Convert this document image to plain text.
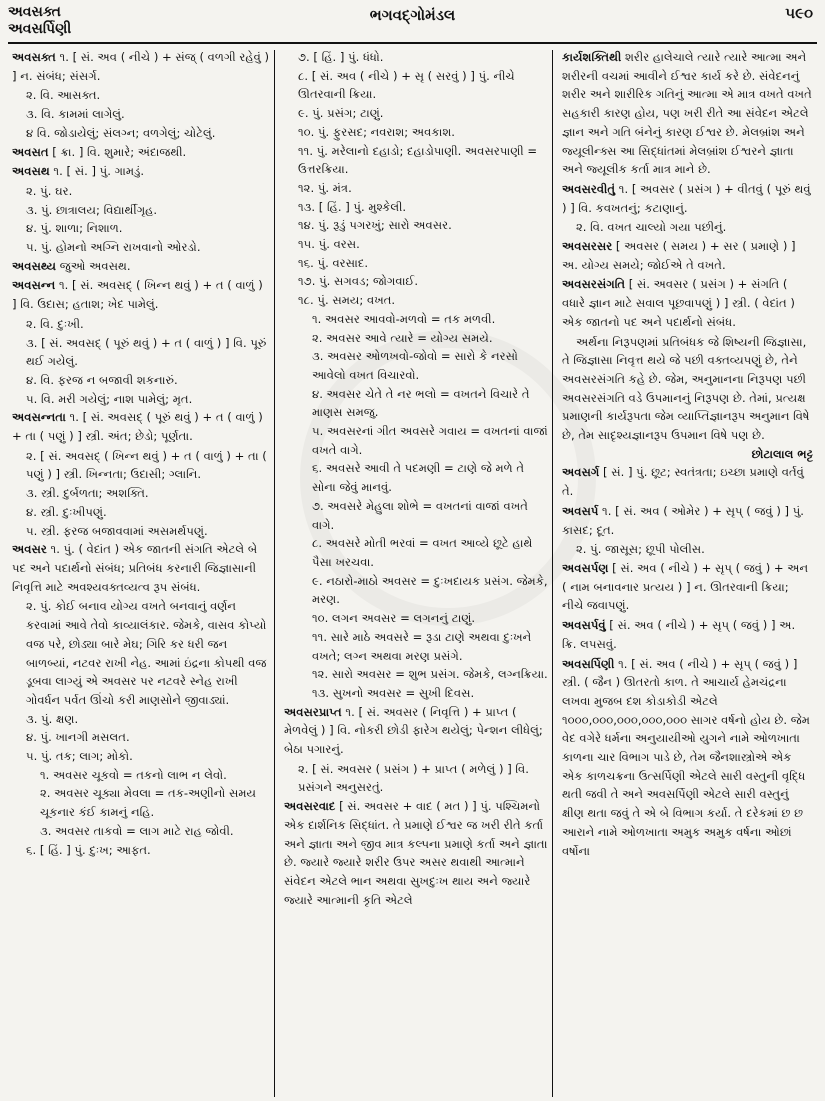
અવસક્ત
અવસર્પિણી
ભગવદ્ગોમંડલ	૫૯૦
અવસક્ત ૧. [ સં. અવ ( નીચે ) + સંજ્ ( વળગી રહેવું ) ] ન. સંબંધ; સંસર્ગ.
૨. વિ. આસક્ત.
૩. વિ. કામમાં લાગેલું.
૪ વિ. જોડાયેલું; સંલગ્ન; વળગેલું; ચોટેલું.
અવસત [ ક્રા. ] વિ. શુમારે; અંદાજથી.
અવસથ ૧. [ સં. ] પું. ગામડું.
૨. પું. ઘર.
૩. પું. છાત્રાલય; વિદ્યાર્થીગૃહ.
૪. પું. શાળા; નિશાળ.
૫. પું. હોમનો અગ્નિ રાખવાનો ઓરડો.
અવસથ્ય જુઓ અવસથ.
અવસન્ન ૧. [ સં. અવસદ્ ( ખિન્ન થવું ) + ત ( વાળું ) ] વિ. ઉદાસ; હતાશ; ખેદ પામેલું.
૨. વિ. દુઃખી.
૩. [ સં. અવસદ્ ( પૂરું થવું ) + ત ( વાળું ) ] વિ. પૂરું થઈ ગયેલું.
૪. વિ. ફરજ ન બજાવી શકનારું.
૫. વિ. મરી ગયેલું; નાશ પામેલું; મૃત.
અવસન્નતા ૧. [ સં. અવસદ્ ( પૂરું થવું ) + ત ( વાળું ) + તા ( પણું ) ] સ્ત્રી. અંત; છેડો; પૂર્ણતા.
૨. [ સં. અવસદ્ ( ખિન્ન થવું ) + ત ( વાળું ) + તા ( પણું ) ] સ્ત્રી. ખિન્નતા; ઉદાસી; ગ્લાનિ.
૩. સ્ત્રી. દુર્બળતા; અશક્તિ.
૪. સ્ત્રી. દુઃખીપણું.
૫. સ્ત્રી. ફરજ બજાવવામાં અસમર્થપણું.
અવસર ૧. પું. ( વેદાંત ) એક જાતની સંગતિ એટલે બે પદ અને પદાર્થનો સંબંધ; પ્રતિબંધ કરનારી જિજ્ઞાસાની નિવૃત્તિ માટે અવશ્યવક્તવ્યત્વ રૂપ સંબંધ.
૨. પું. કોઈ બનાવ યોગ્ય વખતે બનવાનું વર્ણન કરવામાં આવે તેવો કાવ્યાલંકાર. જેમકે, વાસવ કોપ્યો વજ પરે, છોડ્યા બારે મેઘ; ગિરિ કર ધરી જન બાળબ્યાં, નટવર રાખી નેહ. આમાં ઇંદ્રના કોપથી વજ ડૂબવા લાગ્યું એ અવસર પર નટવરે સ્નેહ રાખી ગોવર્ધન પર્વત ઊંચો કરી માણસોને જીવાડ્યાં.
૩. પું. ક્ષણ.
૪. પું. ખાનગી મસલત.
૫. પું. તક; લાગ; મોકો.
૧. અવસર ચૂકવો = તકનો લાભ ન લેવો.
૨. અવસર ચૂક્યા મેવલા = તક-અણીનો સમય ચૂકનાર કંઈ કામનું નહિ.
૩. અવસર તાકવો = લાગ માટે રાહ જોવી.
૬. [ હિં. ] પું. દુઃખ; આફત.
૭. [ હિં. ] પું. ધંધો.
૮. [ સં. અવ ( નીચે ) + સૃ ( સરવું ) ] પું. નીચે ઊતરવાની ક્રિયા.
૯. પું. પ્રસંગ; ટાણું.
૧૦. પું. ફુરસદ; નવરાશ; અવકાશ.
૧૧. પું. મરેલાનો દહાડો; દહાડોપાણી. અવસરપાણી = ઉત્તરક્રિયા.
૧૨. પું. મંત્ર.
૧૩. [ હિં. ] પું. મુશ્કેલી.
૧૪. પું. રૂડું પગરખું; સારો અવસર.
૧૫. પું. વરસ.
૧૬. પું. વરસાદ.
૧૭. પું. સગવડ; જોગવાઈ.
૧૮. પું. સમય; વખત.
૧. અવસર આવવો-મળવો = તક મળવી.
૨. અવસર આવે ત્યારે = યોગ્ય સમયે.
૩. અવસર ઓળખવો-જોવો = સારો કે નરસો આવેલો વખત વિચારવો.
૪. અવસર ચેતે તે નર ભલો = વખતને વિચારે તે માણસ સમજુ.
૫. અવસરનાં ગીત અવસરે ગવાય = વખતનાં વાજાં વખતે વાગે.
૬. અવસરે આવી તે પદમણી = ટાણે જે મળે તે સોના જેવું માનવું.
૭. અવસરે મેહુલા શોભે = વખતનાં વાજાં વખતે વાગે.
૮. અવસરે મોતી ભરવાં = વખત આવ્યે છૂટે હાથે પૈસા ખરચવા.
૯. નઠારો-માઠો અવસર = દુઃખદાયક પ્રસંગ. જેમકે, મરણ.
૧૦. લગન અવસર = લગનનું ટાણું.
૧૧. સારે માઠે અવસરે = રૂડા ટાણે અથવા દુઃખને વખતે; લગ્ન અથવા મરણ પ્રસંગે.
૧૨. સારો અવસર = શુભ પ્રસંગ. જેમકે, લગ્નક્રિયા.
૧૩. સુખનો અવસર = સુખી દિવસ.
અવસરપ્રાપ્ત ૧. [ સં. અવસર ( નિવૃત્તિ ) + પ્રાપ્ત ( મેળવેલું ) ] વિ. નોકરી છોડી ફારેગ થયેલું; પેન્શન લીધેલું; બેઠા પગારનું.
૨. [ સં. અવસર ( પ્રસંગ ) + પ્રાપ્ત ( મળેલું ) ] વિ. પ્રસંગને અનુસરતું.
અવસરવાદ [ સં. અવસર + વાદ ( મત ) ] પું. પશ્ચિમનો એક દાર્શનિક સિદ્ધાંત. તે પ્રમાણે ઈશ્વર જ ખરી રીતે કર્તા અને જ્ઞાતા અને જીવ માત્ર કલ્પના પ્રમાણે કર્તા અને જ્ઞાતા છે. જ્યારે જ્યારે શરીર ઉપર અસર થવાથી આત્માને સંવેદન એટલે ભાન અથવા સુખદુઃખ થાય અને જ્યારે જ્યારે આત્માની કૃતિ એટલે
કાર્યશક્તિથી શરીર હાલેચાલે ત્યારે ત્યારે આત્મા અને શરીરની વચમાં આવીને ઈશ્વર કાર્ય કરે છે. સંવેદનનું શરીર અને શારીરિક ગતિનું આત્મા એ માત્ર વખતે વખતે સહકારી કારણ હોય, પણ ખરી રીતે આ સંવેદન એટલે જ્ઞાન અને ગતિ બંનેનું કારણ ઈશ્વર છે. મેલબ્રાંશ અને જ્યૂલીન્ક્સ આ સિદ્ધાંતમાં મેલબ્રાંશ ઈશ્વરને જ્ઞાતા અને જ્યૂલીક કર્તા માત્ર માને છે.
અવસરવીતું ૧. [ અવસર ( પ્રસંગ ) + વીતવું ( પૂરું થવું ) ] વિ. કવખતનું; કટાણાનું.
૨. વિ. વખત ચાલ્યો ગયા પછીનું.
અવસરસર [ અવસર ( સમય ) + સર ( પ્રમાણે ) ] અ. યોગ્ય સમયે; જોઈએ તે વખતે.
અવસરસંગતિ [ સં. અવસર ( પ્રસંગ ) + સંગતિ ( વધારે જ્ઞાન માટે સવાલ પૂછવાપણું ) ] સ્ત્રી. ( વેદાંત ) એક જાતનો પદ અને પદાર્થનો સંબંધ.
અર્થના નિરૂપણમાં પ્રતિબંધક જે શિષ્યની જિજ્ઞાસા, તે જિજ્ઞાસા નિવૃત્ત થયે જે પછી વક્તવ્યપણું છે, તેને અવસરસંગતિ કહે છે. જેમ, અનુમાનના નિરૂપણ પછી અવસરસંગતિ વડે ઉપમાનનું નિરૂપણ છે. તેમાં, પ્રત્યક્ષ પ્રમાણની કાર્યરૂપતા જેમ વ્યાપ્તિજ્ઞાનરૂપ અનુમાન વિષે છે, તેમ સાદૃશ્યજ્ઞાનરૂપ ઉપમાન વિષે પણ છે.
છોટાલાલ ભટ્ટ
અવસર્ગ [ સં. ] પું. છૂટ; સ્વતંત્રતા; ઇચ્છા પ્રમાણે વર્તવું તે.
અવસર્પ ૧. [ સં. અવ ( ઓમેર ) + સૃપ્ ( જવું ) ] પું. કાસદ; દૂત.
૨. પું. જાસૂસ; છૂપી પોલીસ.
અવસર્પણ [ સં. અવ ( નીચે ) + સૃપ્ ( જવું ) + અન ( નામ બનાવનાર પ્રત્યય ) ] ન. ઊતરવાની ક્રિયા; નીચે જવાપણું.
અવસર્પવું [ સં. અવ ( નીચે ) + સૃપ્ ( જવું ) ] અ. ક્રિ. લપસવું.
અવસર્પિણી ૧. [ સં. અવ ( નીચે ) + સૃપ્ ( જવું ) ] સ્ત્રી. ( જૈન ) ઊતરતો કાળ. તે આચાર્ય હેમચંદ્રના લખવા મુજબ દશ કોડાકોડી એટલે ૧૦૦૦,૦૦૦,૦૦૦,૦૦૦,૦૦૦ સાગર વર્ષનો હોય છે. જેમ વેદ વગેરે ધર્મના અનુયાયીઓ યુગને નામે ઓળખાતા કાળના ચાર વિભાગ પાડે છે, તેમ જૈનશાસ્ત્રોએ એક એક કાળચક્રના ઉત્સર્પિણી એટલે સારી વસ્તુની વૃદ્ધિ થતી જવી તે અને અવસર્પિણી એટલે સારી વસ્તુનું ક્ષીણ થતા જવું તે એ બે વિભાગ કર્યા. તે દરેકમાં છ છ આરાને નામે ઓળખાતા અમુક અમુક વર્ષના ઓછાં વર્ષોના
